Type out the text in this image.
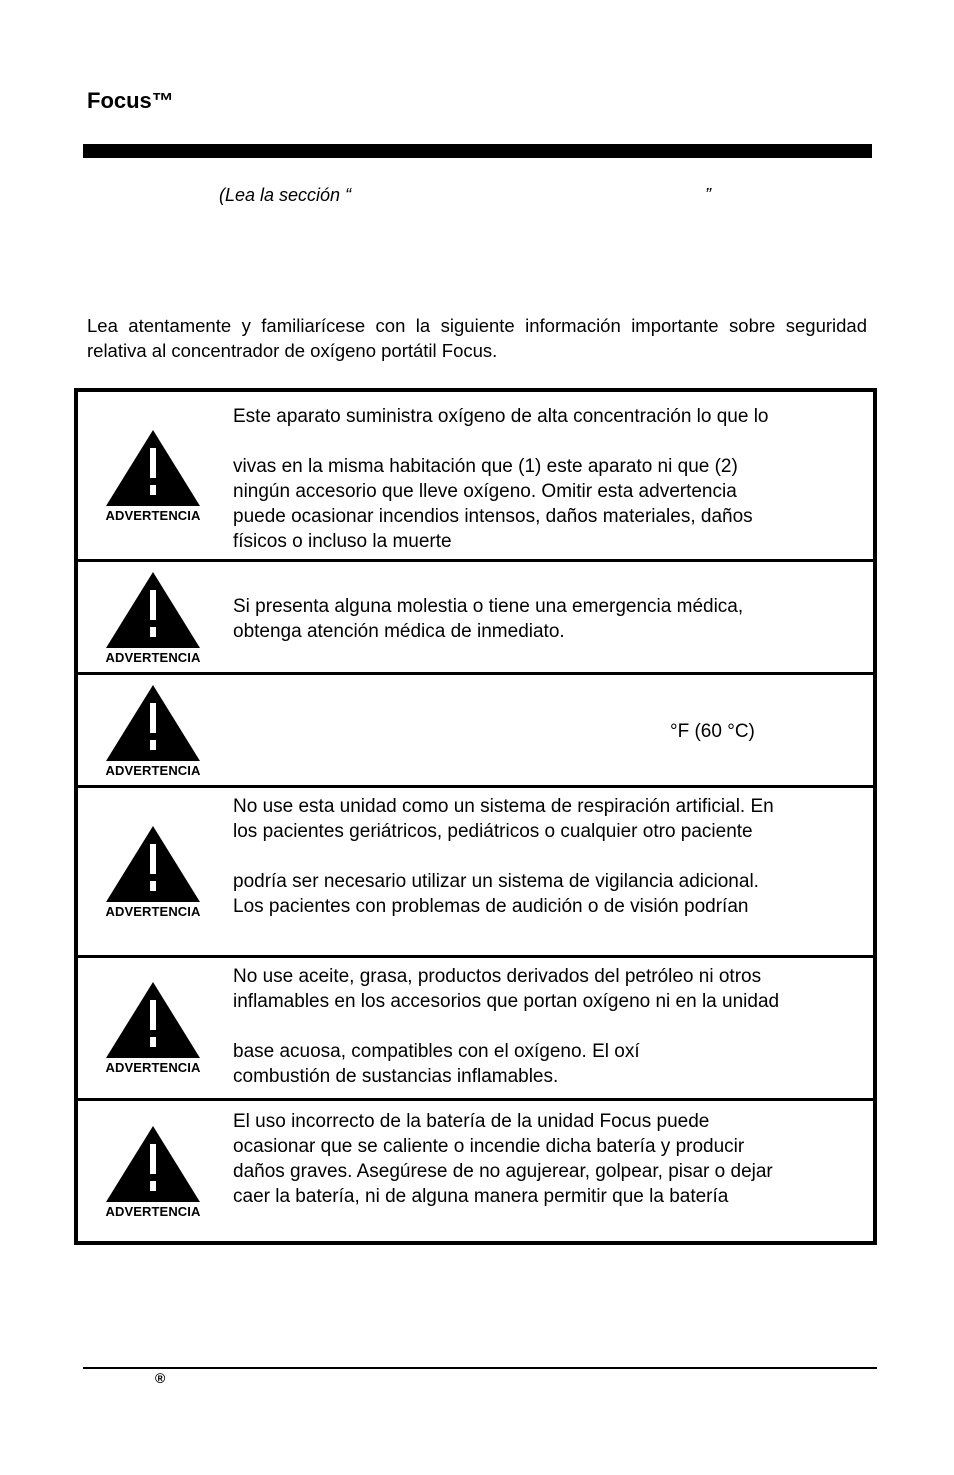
Focus™
(Lea la sección “	”

Lea atentamente y familiarícese con la siguiente información importante sobre seguridad relativa al concentrador de oxígeno portátil Focus.

ADVERTENCIA
Este aparato suministra oxígeno de alta concentración lo que lo
vivas en la misma habitación que (1) este aparato ni que (2)
ningún accesorio que lleve oxígeno. Omitir esta advertencia
puede ocasionar incendios intensos, daños materiales, daños
físicos o incluso la muerte
ADVERTENCIA
Si presenta alguna molestia o tiene una emergencia médica,
obtenga atención médica de inmediato.
ADVERTENCIA
°F (60 °C)
ADVERTENCIA
No use esta unidad como un sistema de respiración artificial. En
los pacientes geriátricos, pediátricos o cualquier otro paciente
podría ser necesario utilizar un sistema de vigilancia adicional.
Los pacientes con problemas de audición o de visión podrían
ADVERTENCIA
No use aceite, grasa, productos derivados del petróleo ni otros
inflamables en los accesorios que portan oxígeno ni en la unidad
base acuosa, compatibles con el oxígeno. El oxí
combustión de sustancias inflamables.
ADVERTENCIA
El uso incorrecto de la batería de la unidad Focus puede
ocasionar que se caliente o incendie dicha batería y producir
daños graves. Asegúrese de no agujerear, golpear, pisar o dejar
caer la batería, ni de alguna manera permitir que la batería
®
